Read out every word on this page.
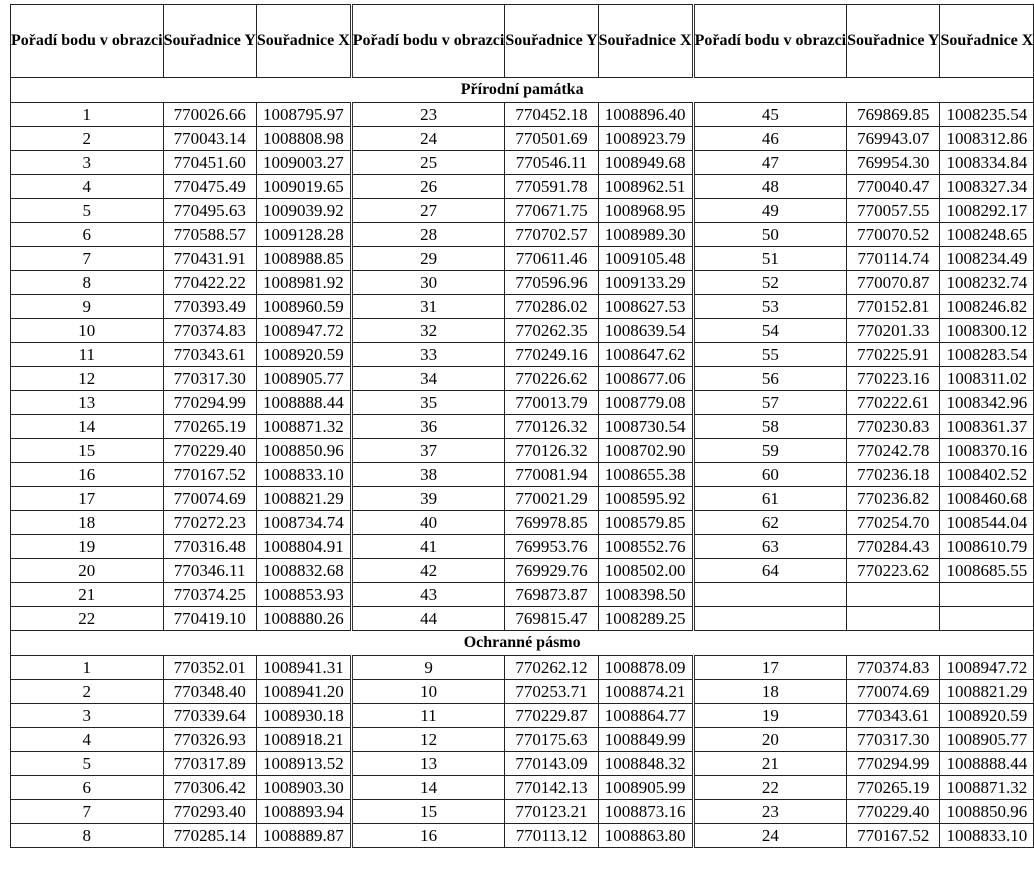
Pořadí bodu v obrazci	Souřadnice Y	Souřadnice X	Pořadí bodu v obrazci	Souřadnice Y	Souřadnice X	Pořadí bodu v obrazci	Souřadnice Y	Souřadnice X
Přírodní památka								
1	770026.66	1008795.97	23	770452.18	1008896.40	45	769869.85	1008235.54
2	770043.14	1008808.98	24	770501.69	1008923.79	46	769943.07	1008312.86
3	770451.60	1009003.27	25	770546.11	1008949.68	47	769954.30	1008334.84
4	770475.49	1009019.65	26	770591.78	1008962.51	48	770040.47	1008327.34
5	770495.63	1009039.92	27	770671.75	1008968.95	49	770057.55	1008292.17
6	770588.57	1009128.28	28	770702.57	1008989.30	50	770070.52	1008248.65
7	770431.91	1008988.85	29	770611.46	1009105.48	51	770114.74	1008234.49
8	770422.22	1008981.92	30	770596.96	1009133.29	52	770070.87	1008232.74
9	770393.49	1008960.59	31	770286.02	1008627.53	53	770152.81	1008246.82
10	770374.83	1008947.72	32	770262.35	1008639.54	54	770201.33	1008300.12
11	770343.61	1008920.59	33	770249.16	1008647.62	55	770225.91	1008283.54
12	770317.30	1008905.77	34	770226.62	1008677.06	56	770223.16	1008311.02
13	770294.99	1008888.44	35	770013.79	1008779.08	57	770222.61	1008342.96
14	770265.19	1008871.32	36	770126.32	1008730.54	58	770230.83	1008361.37
15	770229.40	1008850.96	37	770126.32	1008702.90	59	770242.78	1008370.16
16	770167.52	1008833.10	38	770081.94	1008655.38	60	770236.18	1008402.52
17	770074.69	1008821.29	39	770021.29	1008595.92	61	770236.82	1008460.68
18	770272.23	1008734.74	40	769978.85	1008579.85	62	770254.70	1008544.04
19	770316.48	1008804.91	41	769953.76	1008552.76	63	770284.43	1008610.79
20	770346.11	1008832.68	42	769929.76	1008502.00	64	770223.62	1008685.55
21	770374.25	1008853.93	43	769873.87	1008398.50			
22	770419.10	1008880.26	44	769815.47	1008289.25			
Ochranné pásmo								
1	770352.01	1008941.31	9	770262.12	1008878.09	17	770374.83	1008947.72
2	770348.40	1008941.20	10	770253.71	1008874.21	18	770074.69	1008821.29
3	770339.64	1008930.18	11	770229.87	1008864.77	19	770343.61	1008920.59
4	770326.93	1008918.21	12	770175.63	1008849.99	20	770317.30	1008905.77
5	770317.89	1008913.52	13	770143.09	1008848.32	21	770294.99	1008888.44
6	770306.42	1008903.30	14	770142.13	1008905.99	22	770265.19	1008871.32
7	770293.40	1008893.94	15	770123.21	1008873.16	23	770229.40	1008850.96
8	770285.14	1008889.87	16	770113.12	1008863.80	24	770167.52	1008833.10
